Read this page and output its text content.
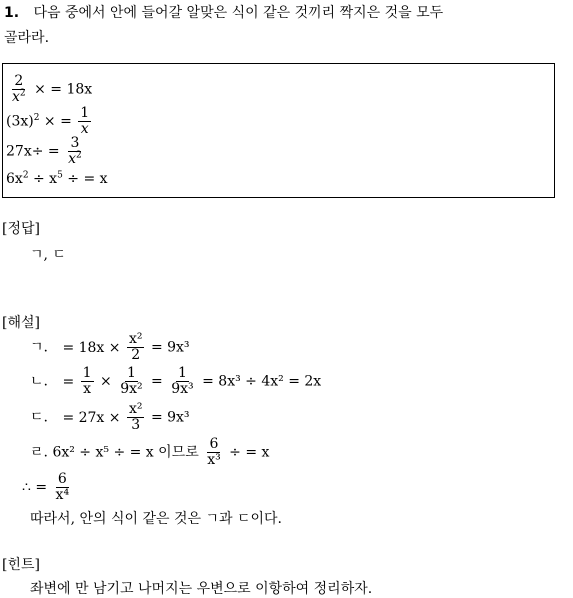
1. 다음 중에서 안에 들어갈 알맞은 식이 같은 것끼리 짝지은 것을 모두
골라라.
$\frac{2}{x^2}$ × = 18x
$(3x)^2$ × = $\frac{1}{x}$
$27x\div = \frac{3}{x^2}$
$6x^2 \div x^5$ ÷ = x
[정답]
ㄱ, ㄷ
[해설]
ㄱ. = $18x \times \frac{\text{x²}}{2} = 9x^3$
ㄴ. = $\frac{1}{x} \times \frac{1}{\text{9x²}} = \frac{1}{\text{9x³}} = 8x^3 \div 4x^2 = 2x$
ㄷ. = $27x \times \frac{\text{x²}}{3} = 9x^3$
ㄹ. 6x² ÷ x⁵ ÷ = x 이므로 $\frac{6}{\text{x³}}$ ÷ = x
∴ = $\frac{6}{\text{x⁴}}$
따라서, 안의 식이 같은 것은 ㄱ과 ㄷ이다.
[힌트]
좌변에 만 남기고 나머지는 우변으로 이항하여 정리하자.
